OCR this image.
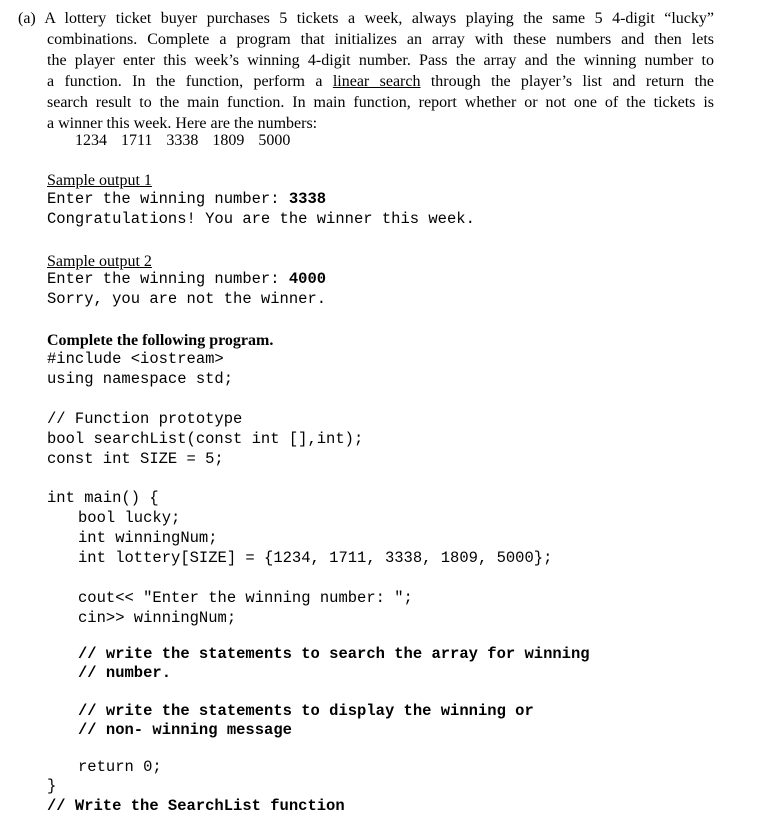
(a) A lottery ticket buyer purchases 5 tickets a week, always playing the same 5 4-digit “lucky”
combinations. Complete a program that initializes an array with these numbers and then lets
the player enter this week’s winning 4-digit number. Pass the array and the winning number to
a function. In the function, perform a linear search through the player’s list and return the
search result to the main function. In main function, report whether or not one of the tickets is
a winner this week. Here are the numbers:
1234 1711 3338 1809 5000
Sample output 1
Enter the winning number: 3338
Congratulations! You are the winner this week.
Sample output 2
Enter the winning number: 4000
Sorry, you are not the winner.
Complete the following program.
#include <iostream>
using namespace std;
// Function prototype
bool searchList(const int [],int);
const int SIZE = 5;
int main() {
bool lucky;
int winningNum;
int lottery[SIZE] = {1234, 1711, 3338, 1809, 5000};
cout<< "Enter the winning number: ";
cin>> winningNum;
// write the statements to search the array for winning
// number.
// write the statements to display the winning or
// non- winning message
return 0;
}
// Write the SearchList function
